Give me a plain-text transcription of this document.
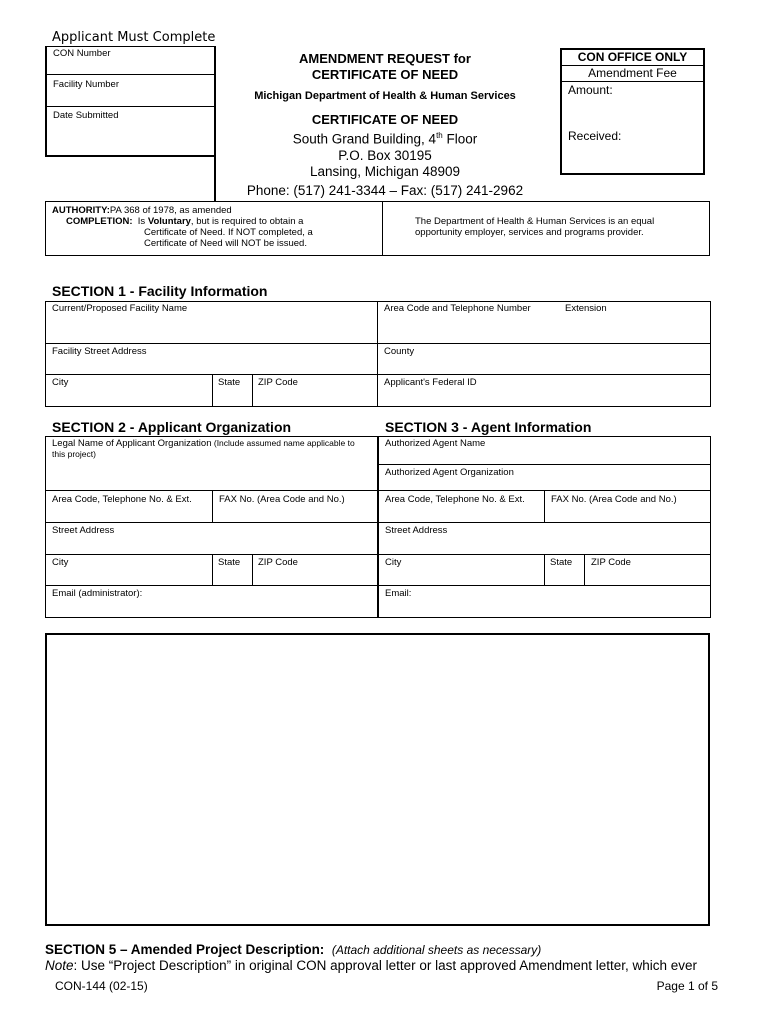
Applicant Must Complete
CON Number
Facility Number
Date Submitted
AMENDMENT REQUEST for
CERTIFICATE OF NEED
Michigan Department of Health & Human Services
CERTIFICATE OF NEED
South Grand Building, 4th Floor
P.O. Box 30195
Lansing, Michigan 48909
Phone: (517) 241-3344 – Fax: (517) 241-2962
CON OFFICE ONLY
Amendment Fee
Amount:
Received:
AUTHORITY:PA 368 of 1978, as amended
COMPLETION: Is Voluntary, but is required to obtain a
Certificate of Need. If NOT completed, a
Certificate of Need will NOT be issued.
The Department of Health & Human Services is an equal
opportunity employer, services and programs provider.
SECTION 1 - Facility Information
Current/Proposed Facility Name	Area Code and Telephone Number	Extension
Facility Street Address	County
City	State ZIP Code	Applicant's Federal ID
SECTION 2 - Applicant Organization	SECTION 3 - Agent Information
Legal Name of Applicant Organization (Include assumed name applicable to
this project)
Area Code, Telephone No. & Ext.	FAX No. (Area Code and No.)
Street Address
City	State ZIP Code
Email (administrator):
Authorized Agent Name
Authorized Agent Organization
Area Code, Telephone No. & Ext.	FAX No. (Area Code and No.)
Street Address
City	State ZIP Code
Email:
SECTION 5 – Amended Project Description: (Attach additional sheets as necessary)
Note: Use “Project Description” in original CON approval letter or last approved Amendment letter, which ever
CON-144 (02-15)	Page 1 of 5
